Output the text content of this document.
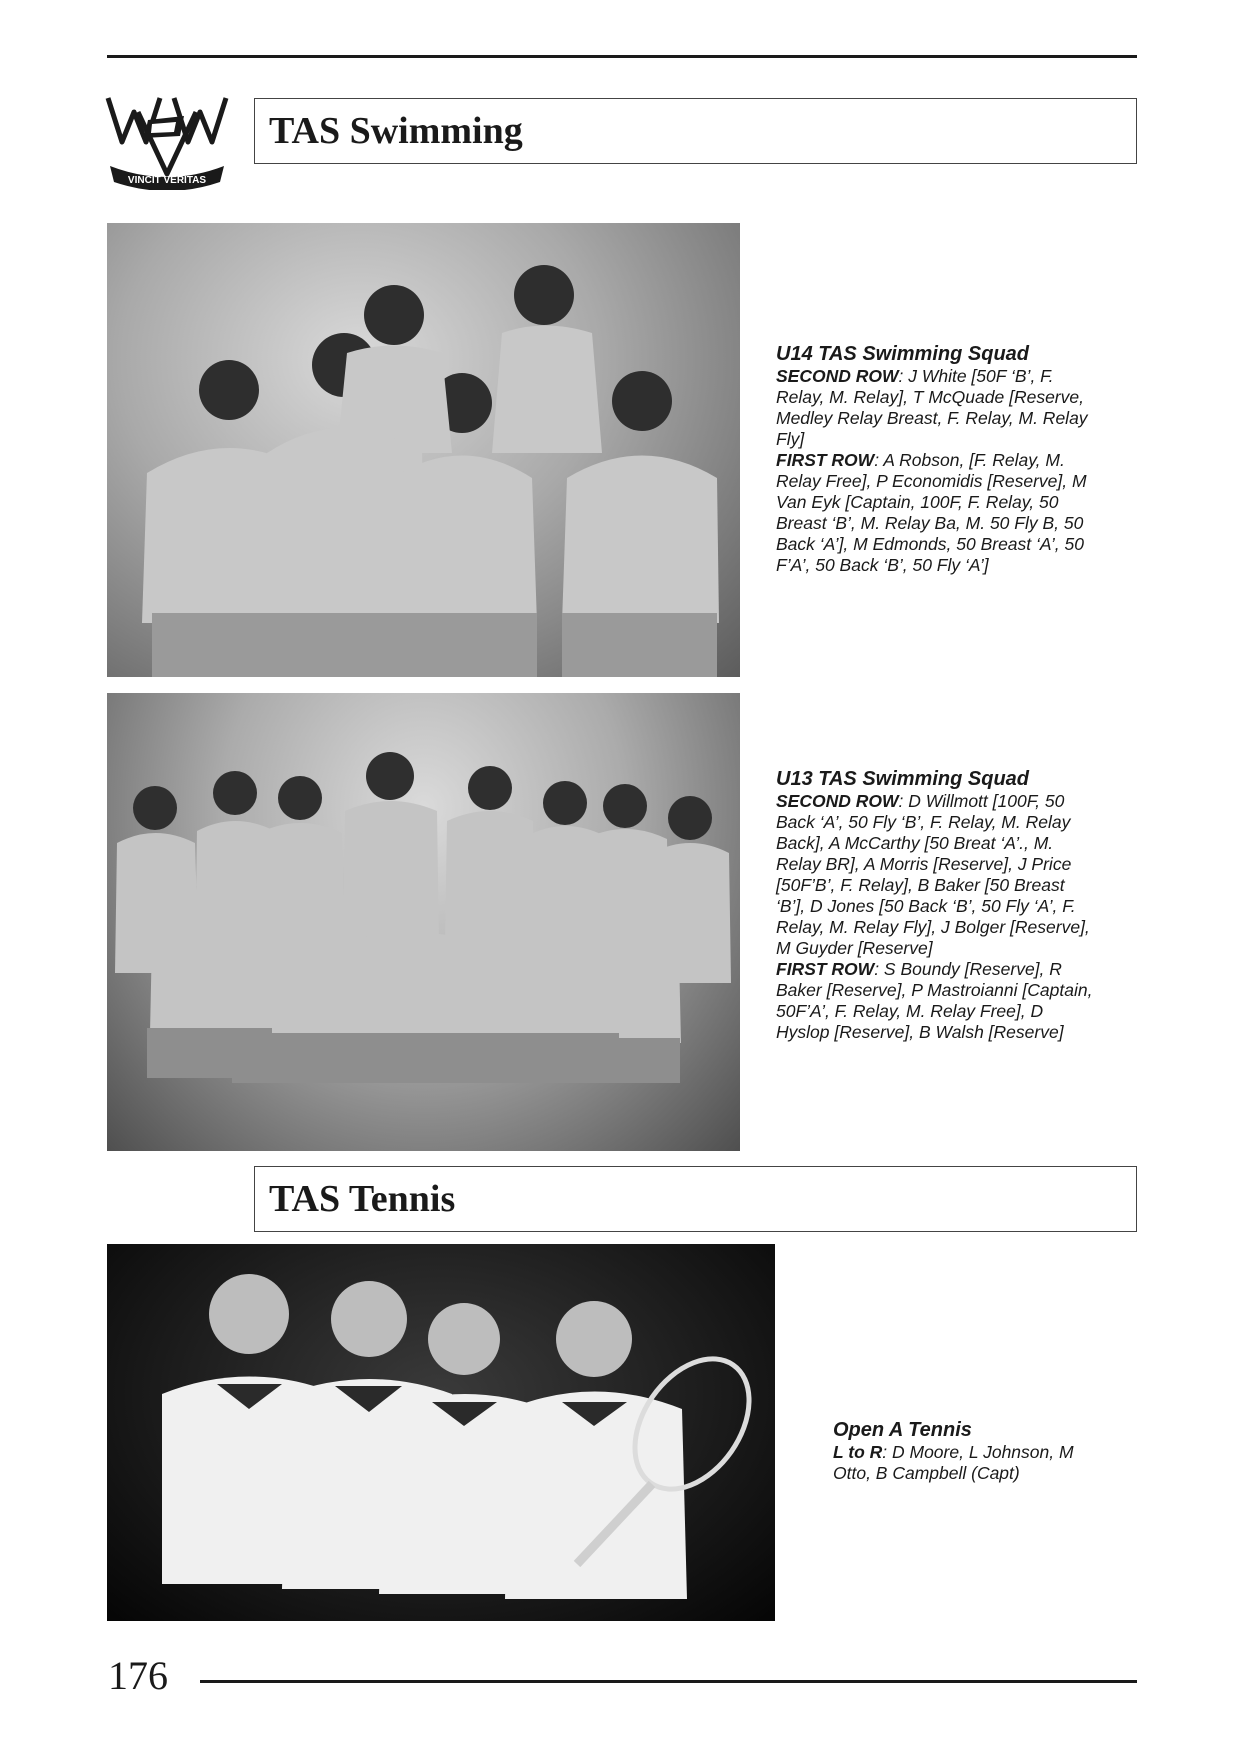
VINCIT VERITAS
TAS Swimming
U14 TAS Swimming Squad
SECOND ROW: J White [50F ‘B’, F. Relay, M. Relay], T McQuade [Reserve, Medley Relay Breast, F. Relay, M. Relay Fly]
FIRST ROW: A Robson, [F. Relay, M. Relay Free], P Economidis [Reserve], M Van Eyk [Captain, 100F, F. Relay, 50 Breast ‘B’, M. Relay Ba, M. 50 Fly B, 50 Back ‘A’], M Edmonds, 50 Breast ‘A’, 50 F’A’, 50 Back ‘B’, 50 Fly ‘A’]
U13 TAS Swimming Squad
SECOND ROW: D Willmott [100F, 50 Back ‘A’, 50 Fly ‘B’, F. Relay, M. Relay Back], A McCarthy [50 Breat ‘A’., M. Relay BR], A Morris [Reserve], J Price [50F’B’, F. Relay], B Baker [50 Breast ‘B’], D Jones [50 Back ‘B’, 50 Fly ‘A’, F. Relay, M. Relay Fly], J Bolger [Reserve], M Guyder [Reserve]
FIRST ROW: S Boundy [Reserve], R Baker [Reserve], P Mastroianni [Captain, 50F’A’, F. Relay, M. Relay Free], D Hyslop [Reserve], B Walsh [Reserve]
TAS Tennis
Open A Tennis
L to R: D Moore, L Johnson, M Otto, B Campbell (Capt)
176
